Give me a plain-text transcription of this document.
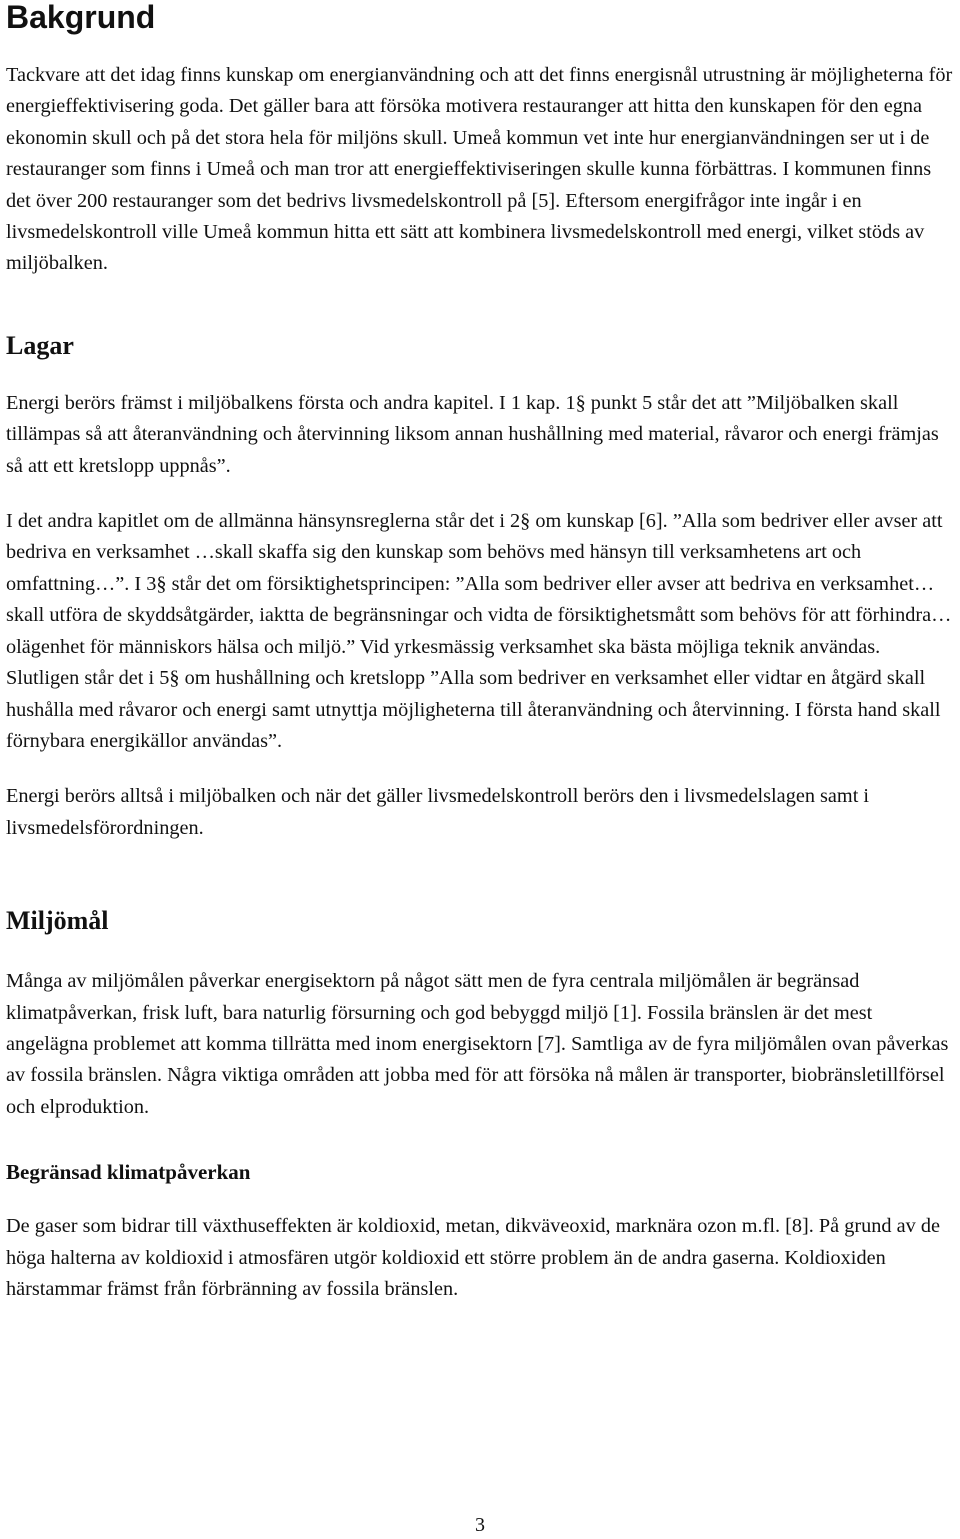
Bakgrund

Tackvare att det idag finns kunskap om energianvändning och att det finns energisnål utrustning är möjligheterna för energieffektivisering goda. Det gäller bara att försöka motivera restauranger att hitta den kunskapen för den egna ekonomin skull och på det stora hela för miljöns skull. Umeå kommun vet inte hur energianvändningen ser ut i de restauranger som finns i Umeå och man tror att energieffektiviseringen skulle kunna förbättras. I kommunen finns det över 200 restauranger som det bedrivs livsmedelskontroll på [5]. Eftersom energifrågor inte ingår i en livsmedelskontroll ville Umeå kommun hitta ett sätt att kombinera livsmedelskontroll med energi, vilket stöds av miljöbalken.

Lagar

Energi berörs främst i miljöbalkens första och andra kapitel. I 1 kap. 1§ punkt 5 står det att ”Miljöbalken skall tillämpas så att återanvändning och återvinning liksom annan hushållning med material, råvaror och energi främjas så att ett kretslopp uppnås”.

I det andra kapitlet om de allmänna hänsynsreglerna står det i 2§ om kunskap [6]. ”Alla som bedriver eller avser att bedriva en verksamhet …skall skaffa sig den kunskap som behövs med hänsyn till verksamhetens art och omfattning…”. I 3§ står det om försiktighetsprincipen: ”Alla som bedriver eller avser att bedriva en verksamhet…skall utföra de skyddsåtgärder, iaktta de begränsningar och vidta de försiktighetsmått som behövs för att förhindra… olägenhet för människors hälsa och miljö.” Vid yrkesmässig verksamhet ska bästa möjliga teknik användas. Slutligen står det i 5§ om hushållning och kretslopp ”Alla som bedriver en verksamhet eller vidtar en åtgärd skall hushålla med råvaror och energi samt utnyttja möjligheterna till återanvändning och återvinning. I första hand skall förnybara energikällor användas”.

Energi berörs alltså i miljöbalken och när det gäller livsmedelskontroll berörs den i livsmedelslagen samt i livsmedelsförordningen.

Miljömål

Många av miljömålen påverkar energisektorn på något sätt men de fyra centrala miljömålen är begränsad klimatpåverkan, frisk luft, bara naturlig försurning och god bebyggd miljö [1]. Fossila bränslen är det mest angelägna problemet att komma tillrätta med inom energisektorn [7]. Samtliga av de fyra miljömålen ovan påverkas av fossila bränslen. Några viktiga områden att jobba med för att försöka nå målen är transporter, biobränsletillförsel och elproduktion.

Begränsad klimatpåverkan

De gaser som bidrar till växthuseffekten är koldioxid, metan, dikväveoxid, marknära ozon m.fl. [8]. På grund av de höga halterna av koldioxid i atmosfären utgör koldioxid ett större problem än de andra gaserna. Koldioxiden härstammar främst från förbränning av fossila bränslen.

3
